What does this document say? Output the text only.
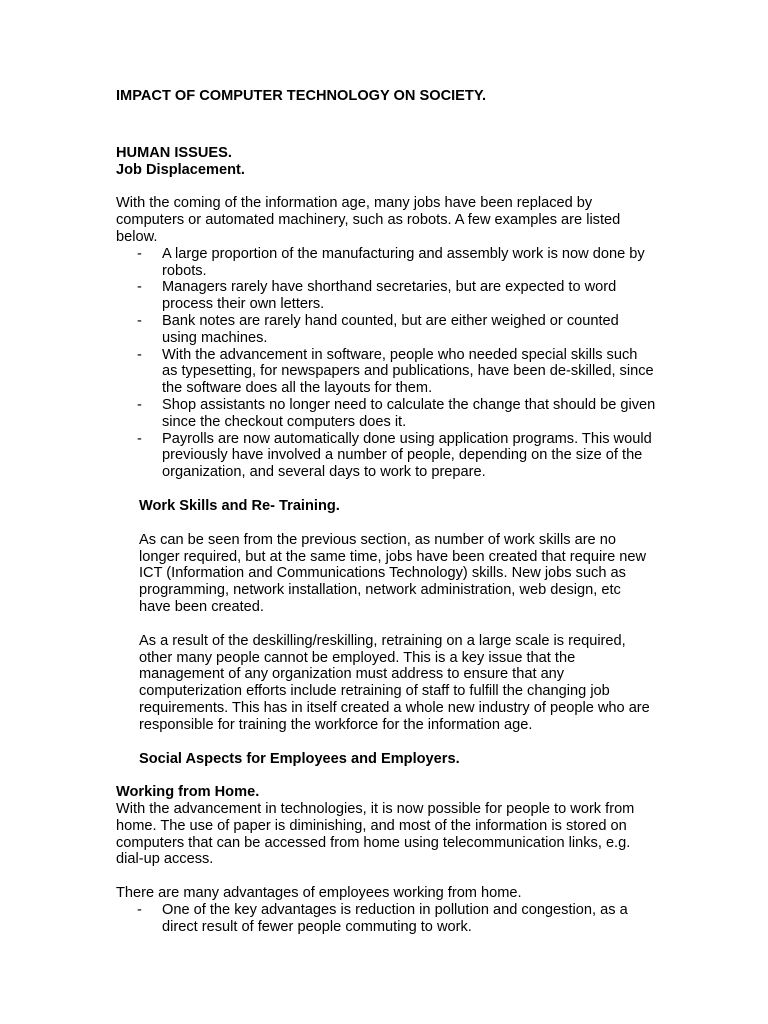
IMPACT OF COMPUTER TECHNOLOGY ON SOCIETY.

HUMAN ISSUES.

Job Displacement.

With the coming of the information age, many jobs have been replaced by computers or automated machinery, such as robots. A few examples are listed below.

- A large proportion of the manufacturing and assembly work is now done by robots.
- Managers rarely have shorthand secretaries, but are expected to word process their own letters.
- Bank notes are rarely hand counted, but are either weighed or counted using machines.
- With the advancement in software, people who needed special skills such as typesetting, for newspapers and publications, have been de-skilled, since the software does all the layouts for them.
- Shop assistants no longer need to calculate the change that should be given since the checkout computers does it.
- Payrolls are now automatically done using application programs. This would previously have involved a number of people, depending on the size of the organization, and several days to work to prepare.

Work Skills and Re- Training.

As can be seen from the previous section, as number of work skills are no longer required, but at the same time, jobs have been created that require new ICT (Information and Communications Technology) skills. New jobs such as programming, network installation, network administration, web design, etc have been created.

As a result of the deskilling/reskilling, retraining on a large scale is required, other many people cannot be employed. This is a key issue that the management of any organization must address to ensure that any computerization efforts include retraining of staff to fulfill the changing job requirements. This has in itself created a whole new industry of people who are responsible for training the workforce for the information age.

Social Aspects for Employees and Employers.

Working from Home.

With the advancement in technologies, it is now possible for people to work from home. The use of paper is diminishing, and most of the information is stored on computers that can be accessed from home using telecommunication links, e.g. dial-up access.

There are many advantages of employees working from home.

- One of the key advantages is reduction in pollution and congestion, as a direct result of fewer people commuting to work.
